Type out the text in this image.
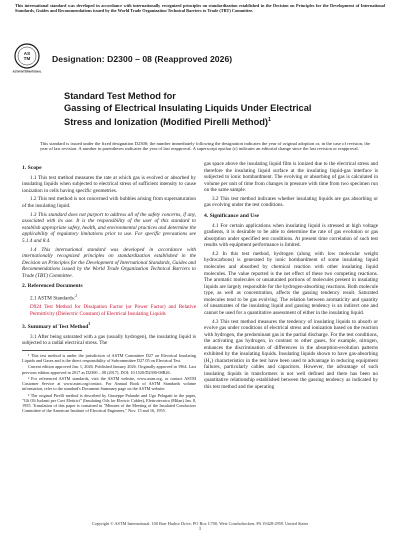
This international standard was developed in accordance with internationally recognized principles on standardization established in the Decision on Principles for the Development of International Standards, Guides and Recommendations issued by the World Trade Organization Technical Barriers to Trade (TBT) Committee.
AS
TM
ASTM INTERNATIONAL
Designation: D2300 – 08 (Reapproved 2026)
Standard Test Method for
Gassing of Electrical Insulating Liquids Under Electrical
Stress and Ionization (Modified Pirelli Method)$^1$
This standard is issued under the fixed designation D2300; the number immediately following the designation indicates the year of original adoption or, in the case of revision, the year of last revision. A number in parentheses indicates the year of last reapproval. A superscript epsilon (ε) indicates an editorial change since the last revision or reapproval.
1. Scope

1.1 This test method measures the rate at which gas is evolved or absorbed by insulating liquids when subjected to electrical stress of sufficient intensity to cause ionization in cells having specific geometries.

1.2 This test method is not concerned with bubbles arising from supersaturation of the insulating liquid.

1.3 This standard does not purport to address all of the safety concerns, if any, associated with its use. It is the responsibility of the user of this standard to establish appropriate safety, health, and environmental practices and determine the applicability of regulatory limitations prior to use. For specific precautions see 5.1.4 and 8.4.

1.4 This international standard was developed in accordance with internationally recognized principles on standardization established in the Decision on Principles for the Development of International Standards, Guides and Recommendations issued by the World Trade Organization Technical Barriers to Trade (TBT) Committee.

2. Referenced Documents

2.1 ASTM Standards:$^2$

D924 Test Method for Dissipation Factor (or Power Factor) and Relative Permittivity (Dielectric Constant) of Electrical Insulating Liquids

3. Summary of Test Method$^3$

3.1 After being saturated with a gas (usually hydrogen), the insulating liquid is subjected to a radial electrical stress. The

¹ This test method is under the jurisdiction of ASTM Committee D27 on Electrical Insulating Liquids and Gases and is the direct responsibility of Subcommittee D27.05 on Electrical Test.

Current edition approved Jan. 1, 2026. Published January 2026. Originally approved in 1964. Last previous edition approved in 2017 as D2300 – 08 (2017). DOI: 10.1520/D2300-08R26.

² For referenced ASTM standards, visit the ASTM website, www.astm.org, or contact ASTM Customer Service at www.astm.org/contact. For Annual Book of ASTM Standards volume information, refer to the standard's Document Summary page on the ASTM website.

³ The original Pirelli method is described by Giuseppe Palandri and Ugo Pelagatti in the paper, "Gli Oli Isolanti per Cavi Elettrici" (Insulating Oils for Electric Cables), Elettrotecnica (Milan) Jan. 8, 1955. Translation of this paper is contained in "Minutes of the Meeting of the Insulated Conductors Committee of the American Institute of Electrical Engineers," Nov. 15 and 16, 1955.

gas space above the insulating liquid film is ionized due to the electrical stress and therefore the insulating liquid surface at the insulating liquid-gas interface is subjected to ionic bombardment. The evolving or absorbing of gas is calculated in volume per unit of time from changes in pressure with time from two specimen run on the same sample.

3.2 This test method indicates whether insulating liquids are gas absorbing or gas evolving under the test conditions.

4. Significance and Use

4.1 For certain applications when insulating liquid is stressed at high voltage gradients, it is desirable to be able to determine the rate of gas evolution or gas absorption under specified test conditions. At present time correlation of such test results with equipment performance is limited.

4.2 In this test method, hydrogen (along with low molecular weight hydrocarbons) is generated by ionic bombardment of some insulating liquid molecules and absorbed by chemical reaction with other insulating liquid molecules. The value reported is the net effect of these two competing reactions. The aromatic molecules or unsaturated portions of molecules present in insulating liquids are largely responsible for the hydrogen-absorbing reactions. Both molecule type, as well as concentration, affects the gassing tendency result. Saturated molecules tend to be gas evolving. The relation between aromaticity and quantity of unsaturates of the insulating liquid and gassing tendency is an indirect one and cannot be used for a quantitative assessment of either in the insulating liquid.

4.3 This test method measures the tendency of insulating liquids to absorb or evolve gas under conditions of electrical stress and ionization based on the reaction with hydrogen, the predominant gas in the partial discharge. For the test conditions, the activating gas hydrogen, in contrast to other gases, for example, nitrogen, enhances the discrimination of differences in the absorption-evolution patterns exhibited by the insulating liquids. Insulating liquids shown to have gas-absorbing (H₂) characteristics in the test have been used to advantage in reducing equipment failures, particularly cables and capacitors. However, the advantage of such insulating liquids in transformers is not well defined and there has been no quantitative relationship established between the gassing tendency as indicated by this test method and the operating

Copyright © ASTM International, 100 Barr Harbor Drive, PO Box C700, West Conshohocken, PA 19428-2959. United States
1
